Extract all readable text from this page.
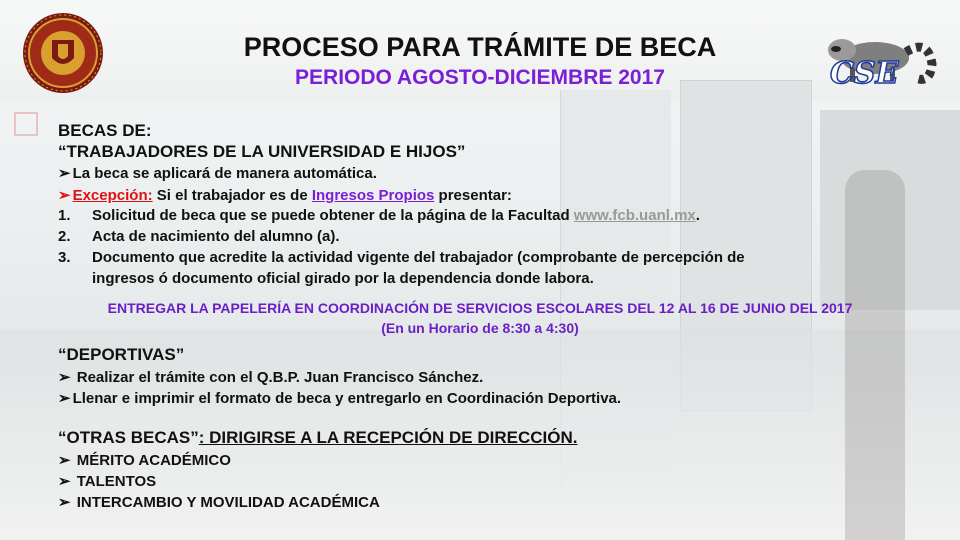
CSE
PROCESO PARA TRÁMITE DE BECA
PERIODO AGOSTO-DICIEMBRE 2017
BECAS DE:
“TRABAJADORES DE LA UNIVERSIDAD E HIJOS”
➢ La beca se aplicará de manera automática.
➢ Excepción: Si el trabajador es de Ingresos Propios presentar:
1. Solicitud de beca que se puede obtener de la página de la Facultad www.fcb.uanl.mx.
2. Acta de nacimiento del alumno (a).
3. Documento que acredite la actividad vigente del trabajador (comprobante de percepción de
ingresos ó documento oficial girado por la dependencia donde labora.
ENTREGAR LA PAPELERÍA EN COORDINACIÓN DE SERVICIOS ESCOLARES DEL 12 AL 16 DE JUNIO DEL 2017
(En un Horario de 8:30 a 4:30)
“DEPORTIVAS”
➢ Realizar el trámite con el Q.B.P. Juan Francisco Sánchez.
➢ Llenar e imprimir el formato de beca y entregarlo en Coordinación Deportiva.
“OTRAS BECAS”: DIRIGIRSE A LA RECEPCIÓN DE DIRECCIÓN.
➢ MÉRITO ACADÉMICO
➢ TALENTOS
➢ INTERCAMBIO Y MOVILIDAD ACADÉMICA
